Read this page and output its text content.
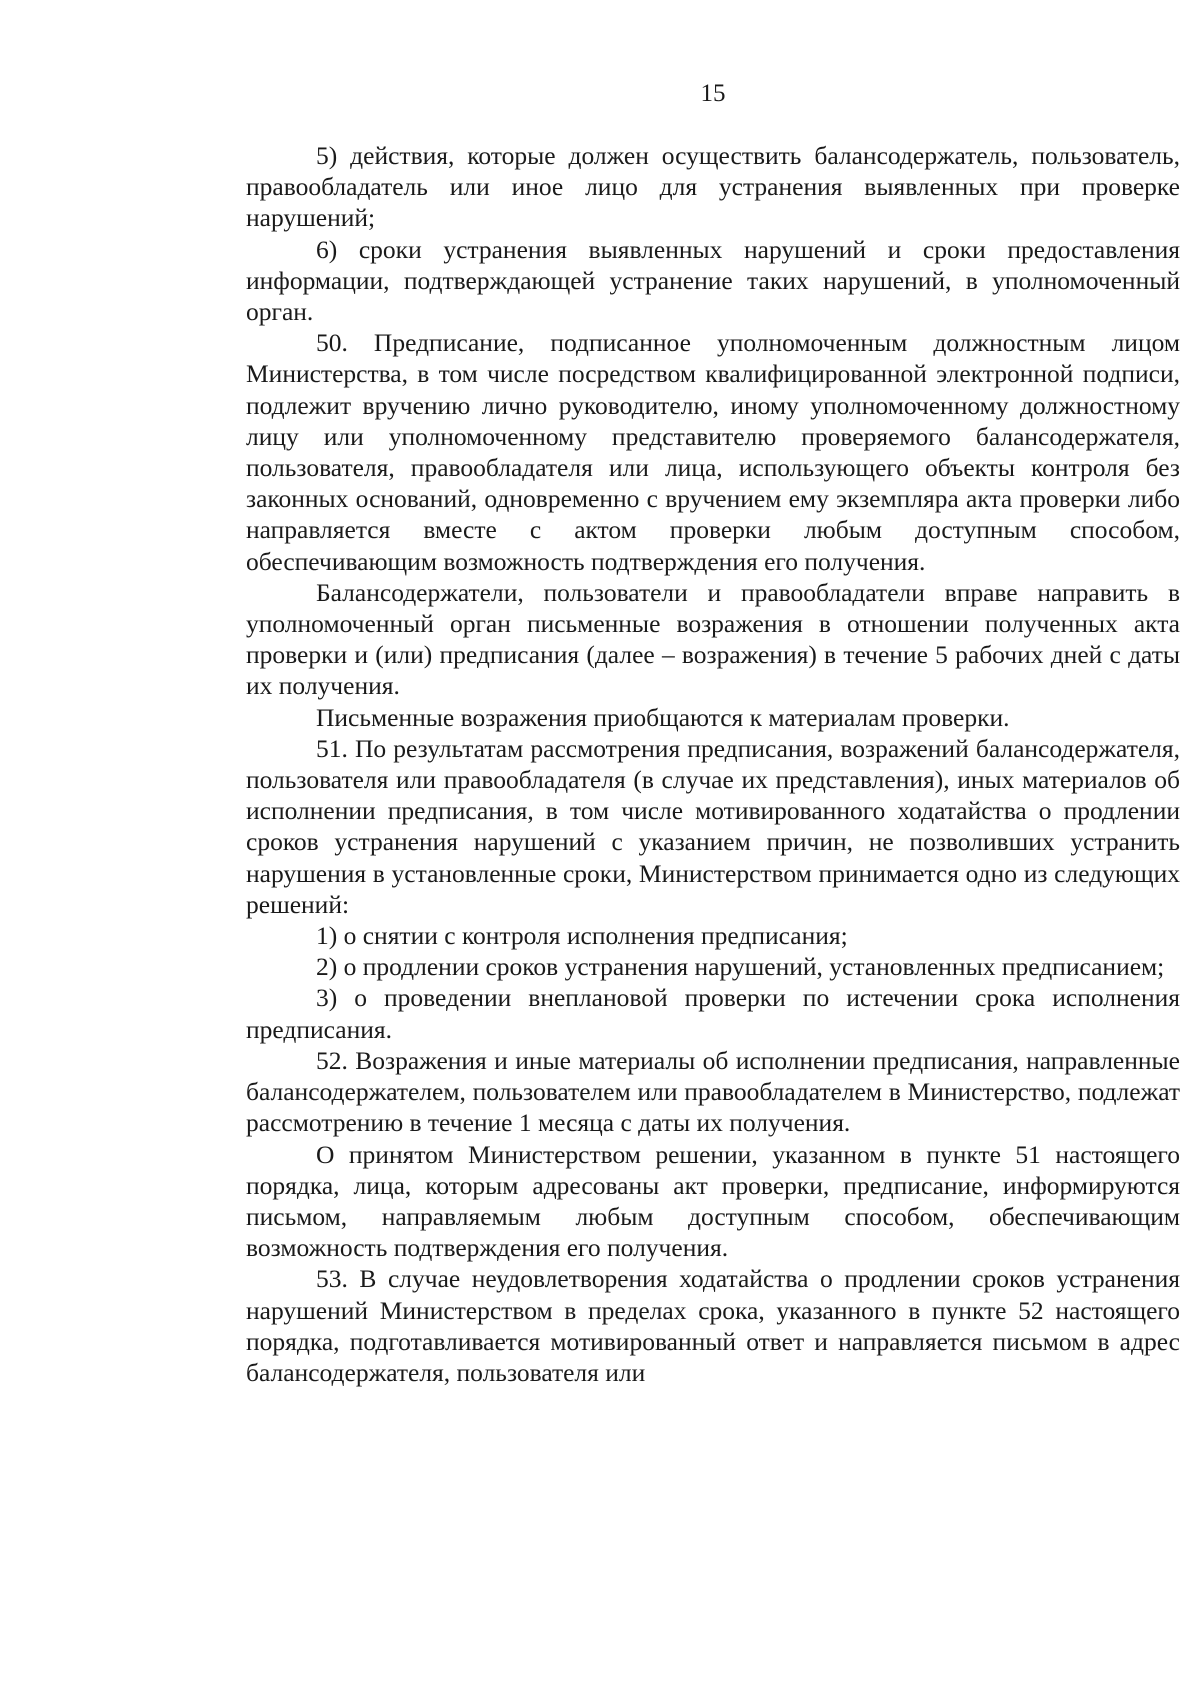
15

5) действия, которые должен осуществить балансодержатель, пользователь, правообладатель или иное лицо для устранения выявленных при проверке нарушений;

6) сроки устранения выявленных нарушений и сроки предоставления информации, подтверждающей устранение таких нарушений, в уполномоченный орган.

50. Предписание, подписанное уполномоченным должностным лицом Министерства, в том числе посредством квалифицированной электронной подписи, подлежит вручению лично руководителю, иному уполномоченному должностному лицу или уполномоченному представителю проверяемого балансодержателя, пользователя, правообладателя или лица, использующего объекты контроля без законных оснований, одновременно с вручением ему экземпляра акта проверки либо направляется вместе с актом проверки любым доступным способом, обеспечивающим возможность подтверждения его получения.

Балансодержатели, пользователи и правообладатели вправе направить в уполномоченный орган письменные возражения в отношении полученных акта проверки и (или) предписания (далее – возражения) в течение 5 рабочих дней с даты их получения.

Письменные возражения приобщаются к материалам проверки.

51. По результатам рассмотрения предписания, возражений балансодержателя, пользователя или правообладателя (в случае их представления), иных материалов об исполнении предписания, в том числе мотивированного ходатайства о продлении сроков устранения нарушений с указанием причин, не позволивших устранить нарушения в установленные сроки, Министерством принимается одно из следующих решений:

1) о снятии с контроля исполнения предписания;

2) о продлении сроков устранения нарушений, установленных предписанием;

3) о проведении внеплановой проверки по истечении срока исполнения предписания.

52. Возражения и иные материалы об исполнении предписания, направленные балансодержателем, пользователем или правообладателем в Министерство, подлежат рассмотрению в течение 1 месяца с даты их получения.

О принятом Министерством решении, указанном в пункте 51 настоящего порядка, лица, которым адресованы акт проверки, предписание, информируются письмом, направляемым любым доступным способом, обеспечивающим возможность подтверждения его получения.

53. В случае неудовлетворения ходатайства о продлении сроков устранения нарушений Министерством в пределах срока, указанного в пункте 52 настоящего порядка, подготавливается мотивированный ответ и направляется письмом в адрес балансодержателя, пользователя или
